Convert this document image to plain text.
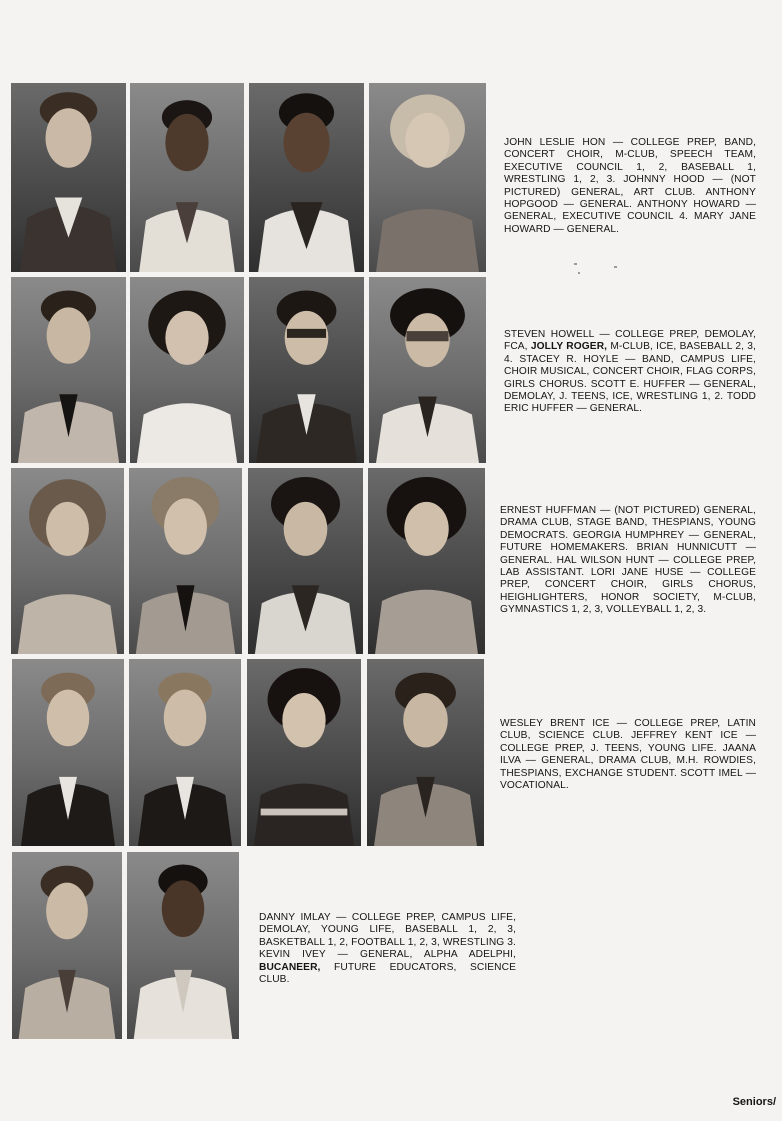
JOHN LESLIE HON — COLLEGE PREP, BAND, CONCERT CHOIR, M-CLUB, SPEECH TEAM, EXECUTIVE COUNCIL 1, 2, BASEBALL 1, WRESTLING 1, 2, 3. JOHNNY HOOD — (NOT PICTURED) GENERAL, ART CLUB. ANTHONY HOPGOOD — GENERAL. ANTHONY HOWARD — GENERAL, EXECUTIVE COUNCIL 4. MARY JANE HOWARD — GENERAL.
STEVEN HOWELL — COLLEGE PREP, DEMOLAY, FCA, JOLLY ROGER, M-CLUB, ICE, BASEBALL 2, 3, 4. STACEY R. HOYLE — BAND, CAMPUS LIFE, CHOIR MUSICAL, CONCERT CHOIR, FLAG CORPS, GIRLS CHORUS. SCOTT E. HUFFER — GENERAL, DEMOLAY, J. TEENS, ICE, WRESTLING 1, 2. TODD ERIC HUFFER — GENERAL.
ERNEST HUFFMAN — (NOT PICTURED) GENERAL, DRAMA CLUB, STAGE BAND, THESPIANS, YOUNG DEMOCRATS. GEORGIA HUMPHREY — GENERAL, FUTURE HOMEMAKERS. BRIAN HUNNICUTT — GENERAL. HAL WILSON HUNT — COLLEGE PREP, LAB ASSISTANT. LORI JANE HUSE — COLLEGE PREP, CONCERT CHOIR, GIRLS CHORUS, HEIGHLIGHTERS, HONOR SOCIETY, M-CLUB, GYMNASTICS 1, 2, 3, VOLLEYBALL 1, 2, 3.
WESLEY BRENT ICE — COLLEGE PREP, LATIN CLUB, SCIENCE CLUB. JEFFREY KENT ICE — COLLEGE PREP, J. TEENS, YOUNG LIFE. JAANA ILVA — GENERAL, DRAMA CLUB, M.H. ROWDIES, THESPIANS, EXCHANGE STUDENT. SCOTT IMEL — VOCATIONAL.
DANNY IMLAY — COLLEGE PREP, CAMPUS LIFE, DEMOLAY, YOUNG LIFE, BASEBALL 1, 2, 3, BASKETBALL 1, 2, FOOTBALL 1, 2, 3, WRESTLING 3. KEVIN IVEY — GENERAL, ALPHA ADELPHI, BUCANEER, FUTURE EDUCATORS, SCIENCE CLUB.
Seniors/
